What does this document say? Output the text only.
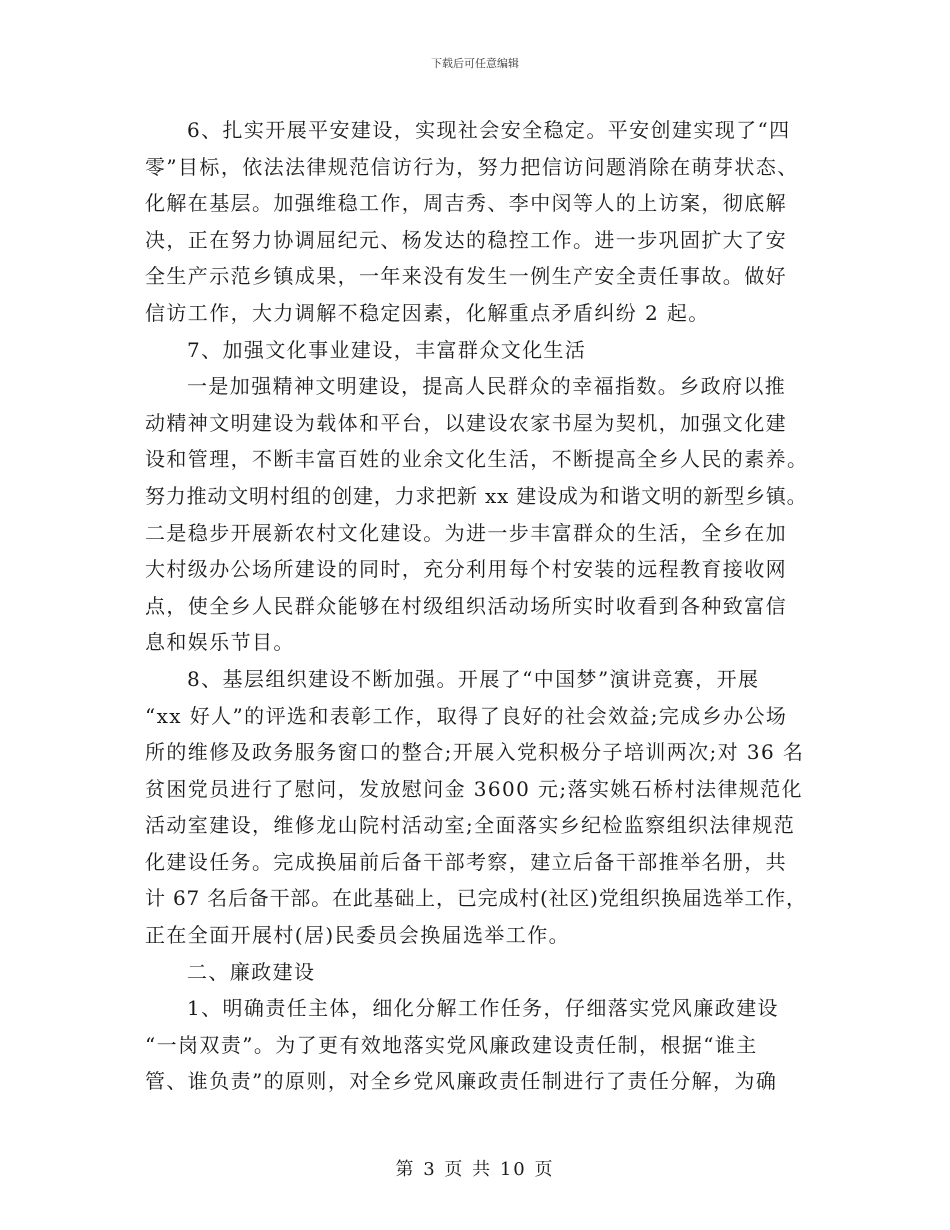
下载后可任意编辑
6、扎实开展平安建设，实现社会安全稳定。平安创建实现了“四
零”目标，依法法律规范信访行为，努力把信访问题消除在萌芽状态、
化解在基层。加强维稳工作，周吉秀、李中闵等人的上访案，彻底解
决，正在努力协调屈纪元、杨发达的稳控工作。进一步巩固扩大了安
全生产示范乡镇成果，一年来没有发生一例生产安全责任事故。做好
信访工作，大力调解不稳定因素，化解重点矛盾纠纷 2 起。
7、加强文化事业建设，丰富群众文化生活
一是加强精神文明建设，提高人民群众的幸福指数。乡政府以推
动精神文明建设为载体和平台，以建设农家书屋为契机，加强文化建
设和管理，不断丰富百姓的业余文化生活，不断提高全乡人民的素养。
努力推动文明村组的创建，力求把新 xx 建设成为和谐文明的新型乡镇。
二是稳步开展新农村文化建设。为进一步丰富群众的生活，全乡在加
大村级办公场所建设的同时，充分利用每个村安装的远程教育接收网
点，使全乡人民群众能够在村级组织活动场所实时收看到各种致富信
息和娱乐节目。
8、基层组织建设不断加强。开展了“中国梦”演讲竞赛，开展
“xx 好人”的评选和表彰工作，取得了良好的社会效益;完成乡办公场
所的维修及政务服务窗口的整合;开展入党积极分子培训两次;对 36 名
贫困党员进行了慰问，发放慰问金 3600 元;落实姚石桥村法律规范化
活动室建设，维修龙山院村活动室;全面落实乡纪检监察组织法律规范
化建设任务。完成换届前后备干部考察，建立后备干部推举名册，共
计 67 名后备干部。在此基础上，已完成村(社区)党组织换届选举工作，
正在全面开展村(居)民委员会换届选举工作。
二、廉政建设
1、明确责任主体，细化分解工作任务，仔细落实党风廉政建设
“一岗双责”。为了更有效地落实党风廉政建设责任制，根据“谁主
管、谁负责”的原则，对全乡党风廉政责任制进行了责任分解，为确
第 3 页 共 10 页
